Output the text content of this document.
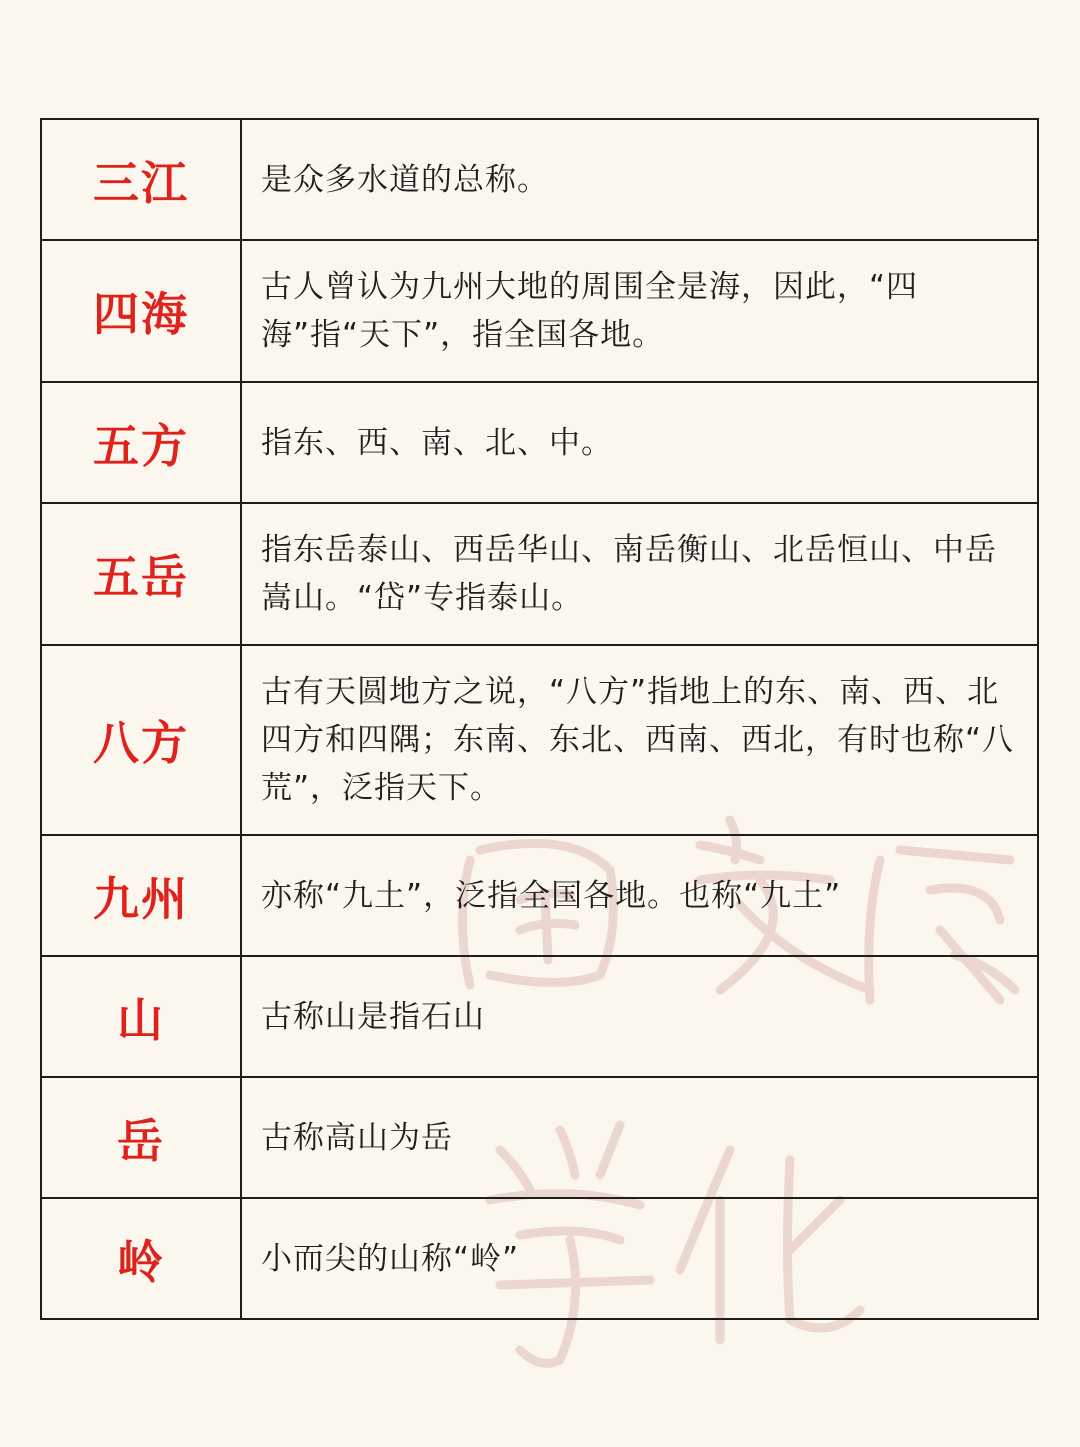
三江	是众多水道的总称。
四海	古人曾认为九州大地的周围全是海，因此，“四海”指“天下”，指全国各地。
五方	指东、西、南、北、中。
五岳	指东岳泰山、西岳华山、南岳衡山、北岳恒山、中岳嵩山。“岱”专指泰山。
八方	古有天圆地方之说，“八方”指地上的东、南、西、北四方和四隅；东南、东北、西南、西北，有时也称“八荒”，泛指天下。
九州	亦称“九土”，泛指全国各地。也称“九土”
山	古称山是指石山
岳	古称高山为岳
岭	小而尖的山称“岭”
